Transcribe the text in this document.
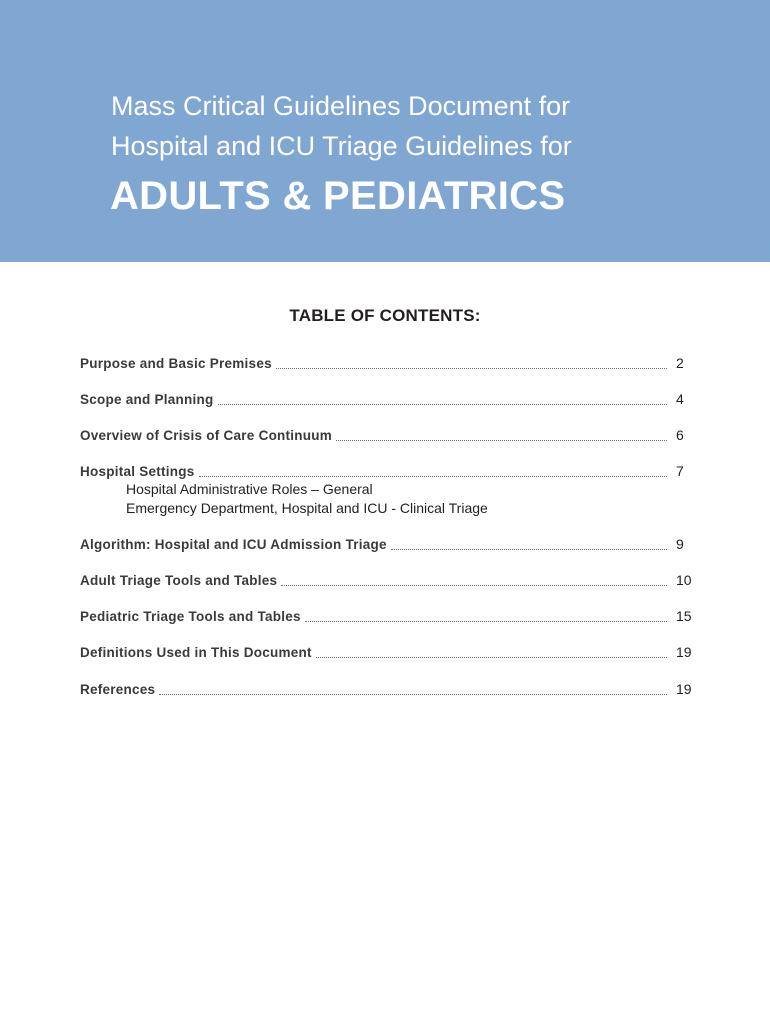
Mass Critical Guidelines Document for
Hospital and ICU Triage Guidelines for
ADULTS & PEDIATRICS
TABLE OF CONTENTS:
Purpose and Basic Premises	2
Scope and Planning	4
Overview of Crisis of Care Continuum	6
Hospital Settings	7
Hospital Administrative Roles – General
Emergency Department, Hospital and ICU - Clinical Triage
Algorithm: Hospital and ICU Admission Triage	9
Adult Triage Tools and Tables	10
Pediatric Triage Tools and Tables	15
Definitions Used in This Document	19
References	19
